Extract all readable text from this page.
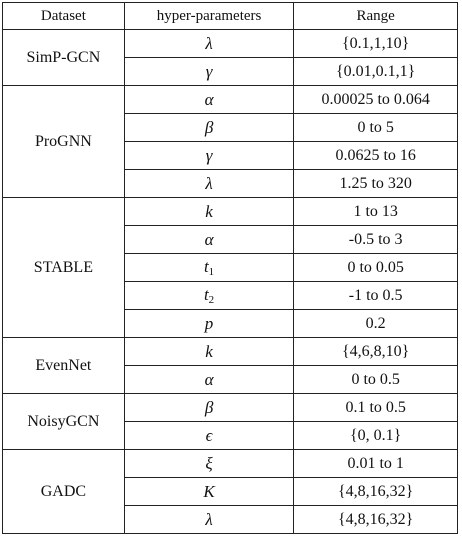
Dataset	hyper-parameters	Range
SimP-GCN	λ	{0.1,1,10}
	γ	{0.01,0.1,1}
ProGNN	α	0.00025 to 0.064
	β	0 to 5
	γ	0.0625 to 16
	λ	1.25 to 320
STABLE	k	1 to 13
	α	-0.5 to 3
	$t_1$	0 to 0.05
	$t_2$	-1 to 0.5
	p	0.2
EvenNet	k	{4,6,8,10}
	α	0 to 0.5
NoisyGCN	β	0.1 to 0.5
	ϵ	{0, 0.1}
GADC	ξ	0.01 to 1
	K	{4,8,16,32}
	λ	{4,8,16,32}
